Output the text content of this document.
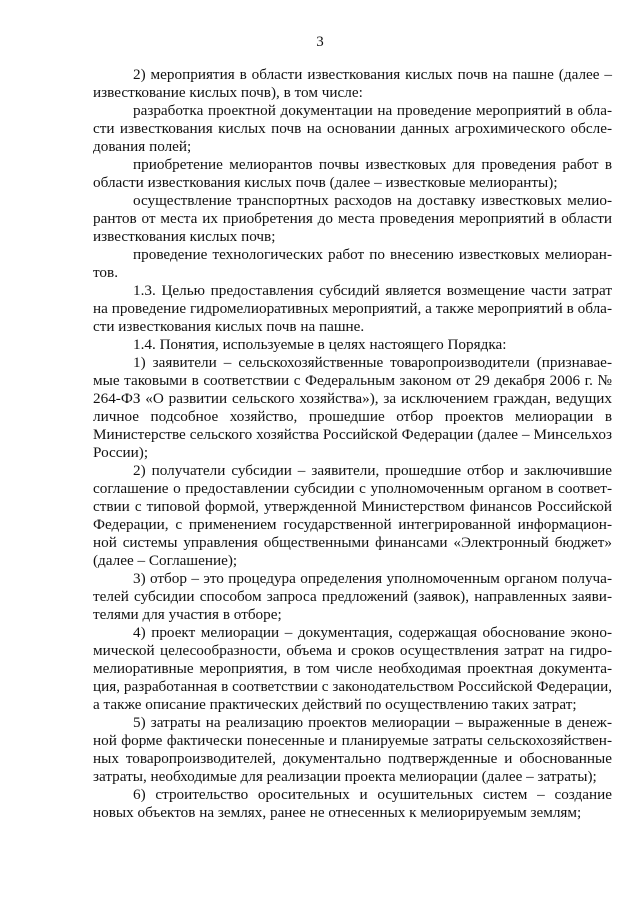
3

2) мероприятия в области известкования кислых почв на пашне (далее – известкование кислых почв), в том числе:

разработка проектной документации на проведение мероприятий в области известкования кислых почв на основании данных агрохимического обследования полей;

приобретение мелиорантов почвы известковых для проведения работ в области известкования кислых почв (далее – известковые мелиоранты);

осуществление транспортных расходов на доставку известковых мелиорантов от места их приобретения до места проведения мероприятий в области известкования кислых почв;

проведение технологических работ по внесению известковых мелиорантов.

1.3. Целью предоставления субсидий является возмещение части затрат на проведение гидромелиоративных мероприятий, а также мероприятий в области известкования кислых почв на пашне.

1.4. Понятия, используемые в целях настоящего Порядка:

1) заявители – сельскохозяйственные товаропроизводители (признаваемые таковыми в соответствии с Федеральным законом от 29 декабря 2006 г. № 264-ФЗ «О развитии сельского хозяйства»), за исключением граждан, ведущих личное подсобное хозяйство, прошедшие отбор проектов мелиорации в Министерстве сельского хозяйства Российской Федерации (далее – Минсельхоз России);

2) получатели субсидии – заявители, прошедшие отбор и заключившие соглашение о предоставлении субсидии с уполномоченным органом в соответствии с типовой формой, утвержденной Министерством финансов Российской Федерации, с применением государственной интегрированной информационной системы управления общественными финансами «Электронный бюджет» (далее – Соглашение);

3) отбор – это процедура определения уполномоченным органом получателей субсидии способом запроса предложений (заявок), направленных заявителями для участия в отборе;

4) проект мелиорации – документация, содержащая обоснование экономической целесообразности, объема и сроков осуществления затрат на гидромелиоративные мероприятия, в том числе необходимая проектная документация, разработанная в соответствии с законодательством Российской Федерации, а также описание практических действий по осуществлению таких затрат;

5) затраты на реализацию проектов мелиорации – выраженные в денежной форме фактически понесенные и планируемые затраты сельскохозяйственных товаропроизводителей, документально подтвержденные и обоснованные затраты, необходимые для реализации проекта мелиорации (далее – затраты);

6) строительство оросительных и осушительных систем – создание новых объектов на землях, ранее не отнесенных к мелиорируемым землям;
